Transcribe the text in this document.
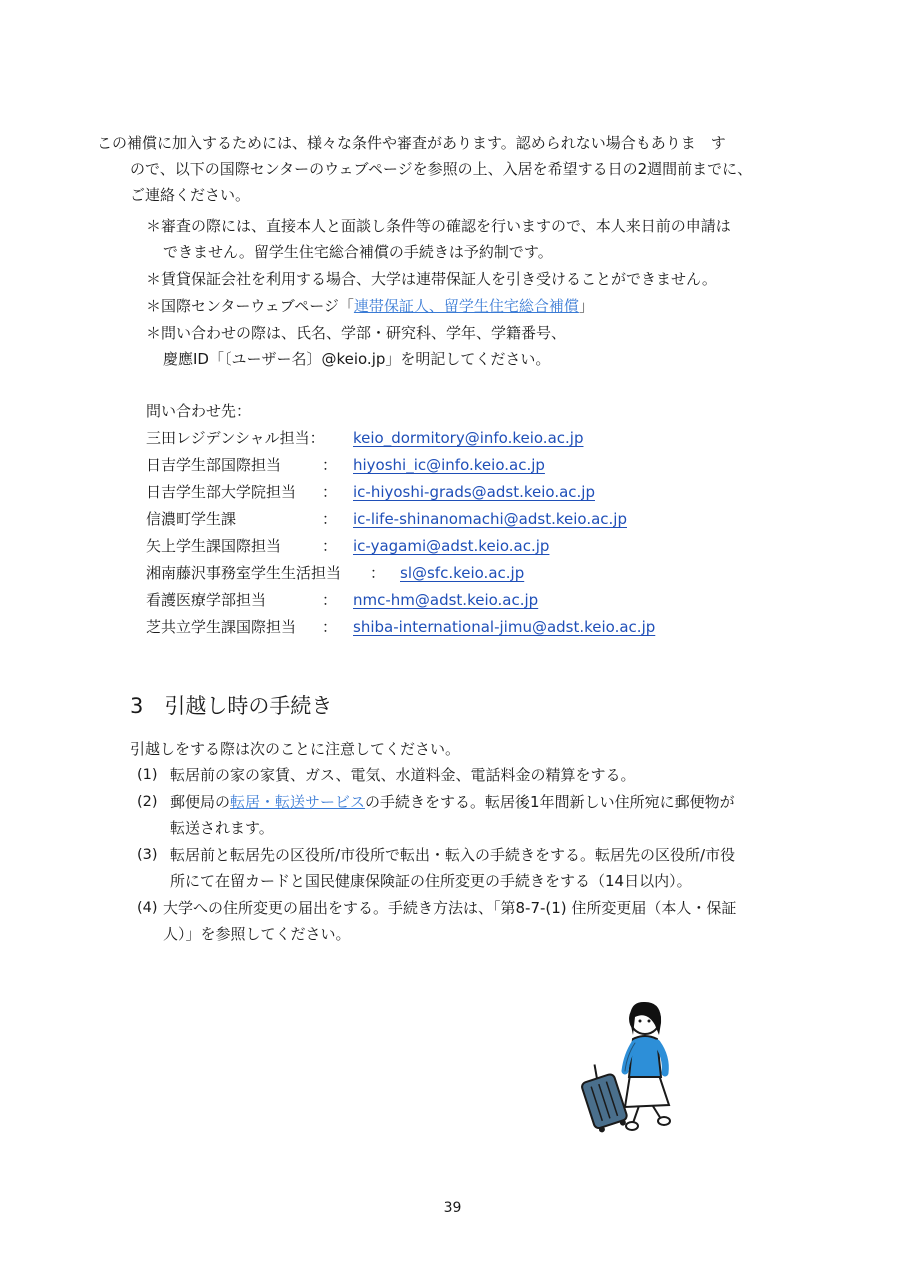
この補償に加入するためには、様々な条件や審査があります。認められない場合もありま　す
ので、以下の国際センターのウェブページを参照の上、入居を希望する日の2週間前までに、
ご連絡ください。
＊審査の際には、直接本人と面談し条件等の確認を行いますので、本人来日前の申請は
できません。留学生住宅総合補償の手続きは予約制です。
＊賃貸保証会社を利用する場合、大学は連帯保証人を引き受けることができません。
＊国際センターウェブページ「連帯保証人、留学生住宅総合補償」
＊問い合わせの際は、氏名、学部・研究科、学年、学籍番号、
慶應ID「〔ユーザー名〕@keio.jp」を明記してください。
問い合わせ先：
三田レジデンシャル担当： keio_dormitory@info.keio.ac.jp
日吉学生部国際担当	： hiyoshi_ic@info.keio.ac.jp
日吉学生部大学院担当 ： ic-hiyoshi-grads@adst.keio.ac.jp
信濃町学生課	： ic-life-shinanomachi@adst.keio.ac.jp
矢上学生課国際担当	： ic-yagami@adst.keio.ac.jp
湘南藤沢事務室学生生活担当 ： sl@sfc.keio.ac.jp
看護医療学部担当	： nmc-hm@adst.keio.ac.jp
芝共立学生課国際担当 ： shiba-international-jimu@adst.keio.ac.jp
3　引越し時の手続き
引越しをする際は次のことに注意してください。
(1) 転居前の家の家賃、ガス、電気、水道料金、電話料金の精算をする。
(2) 郵便局の転居・転送サービスの手続きをする。転居後1年間新しい住所宛に郵便物が
転送されます。
(3) 転居前と転居先の区役所/市役所で転出・転入の手続きをする。転居先の区役所/市役
所にて在留カードと国民健康保険証の住所変更の手続きをする（14日以内）。
(4) 大学への住所変更の届出をする。手続き方法は、「第8-7-(1) 住所変更届（本人・保証
人）」を参照してください。
39
